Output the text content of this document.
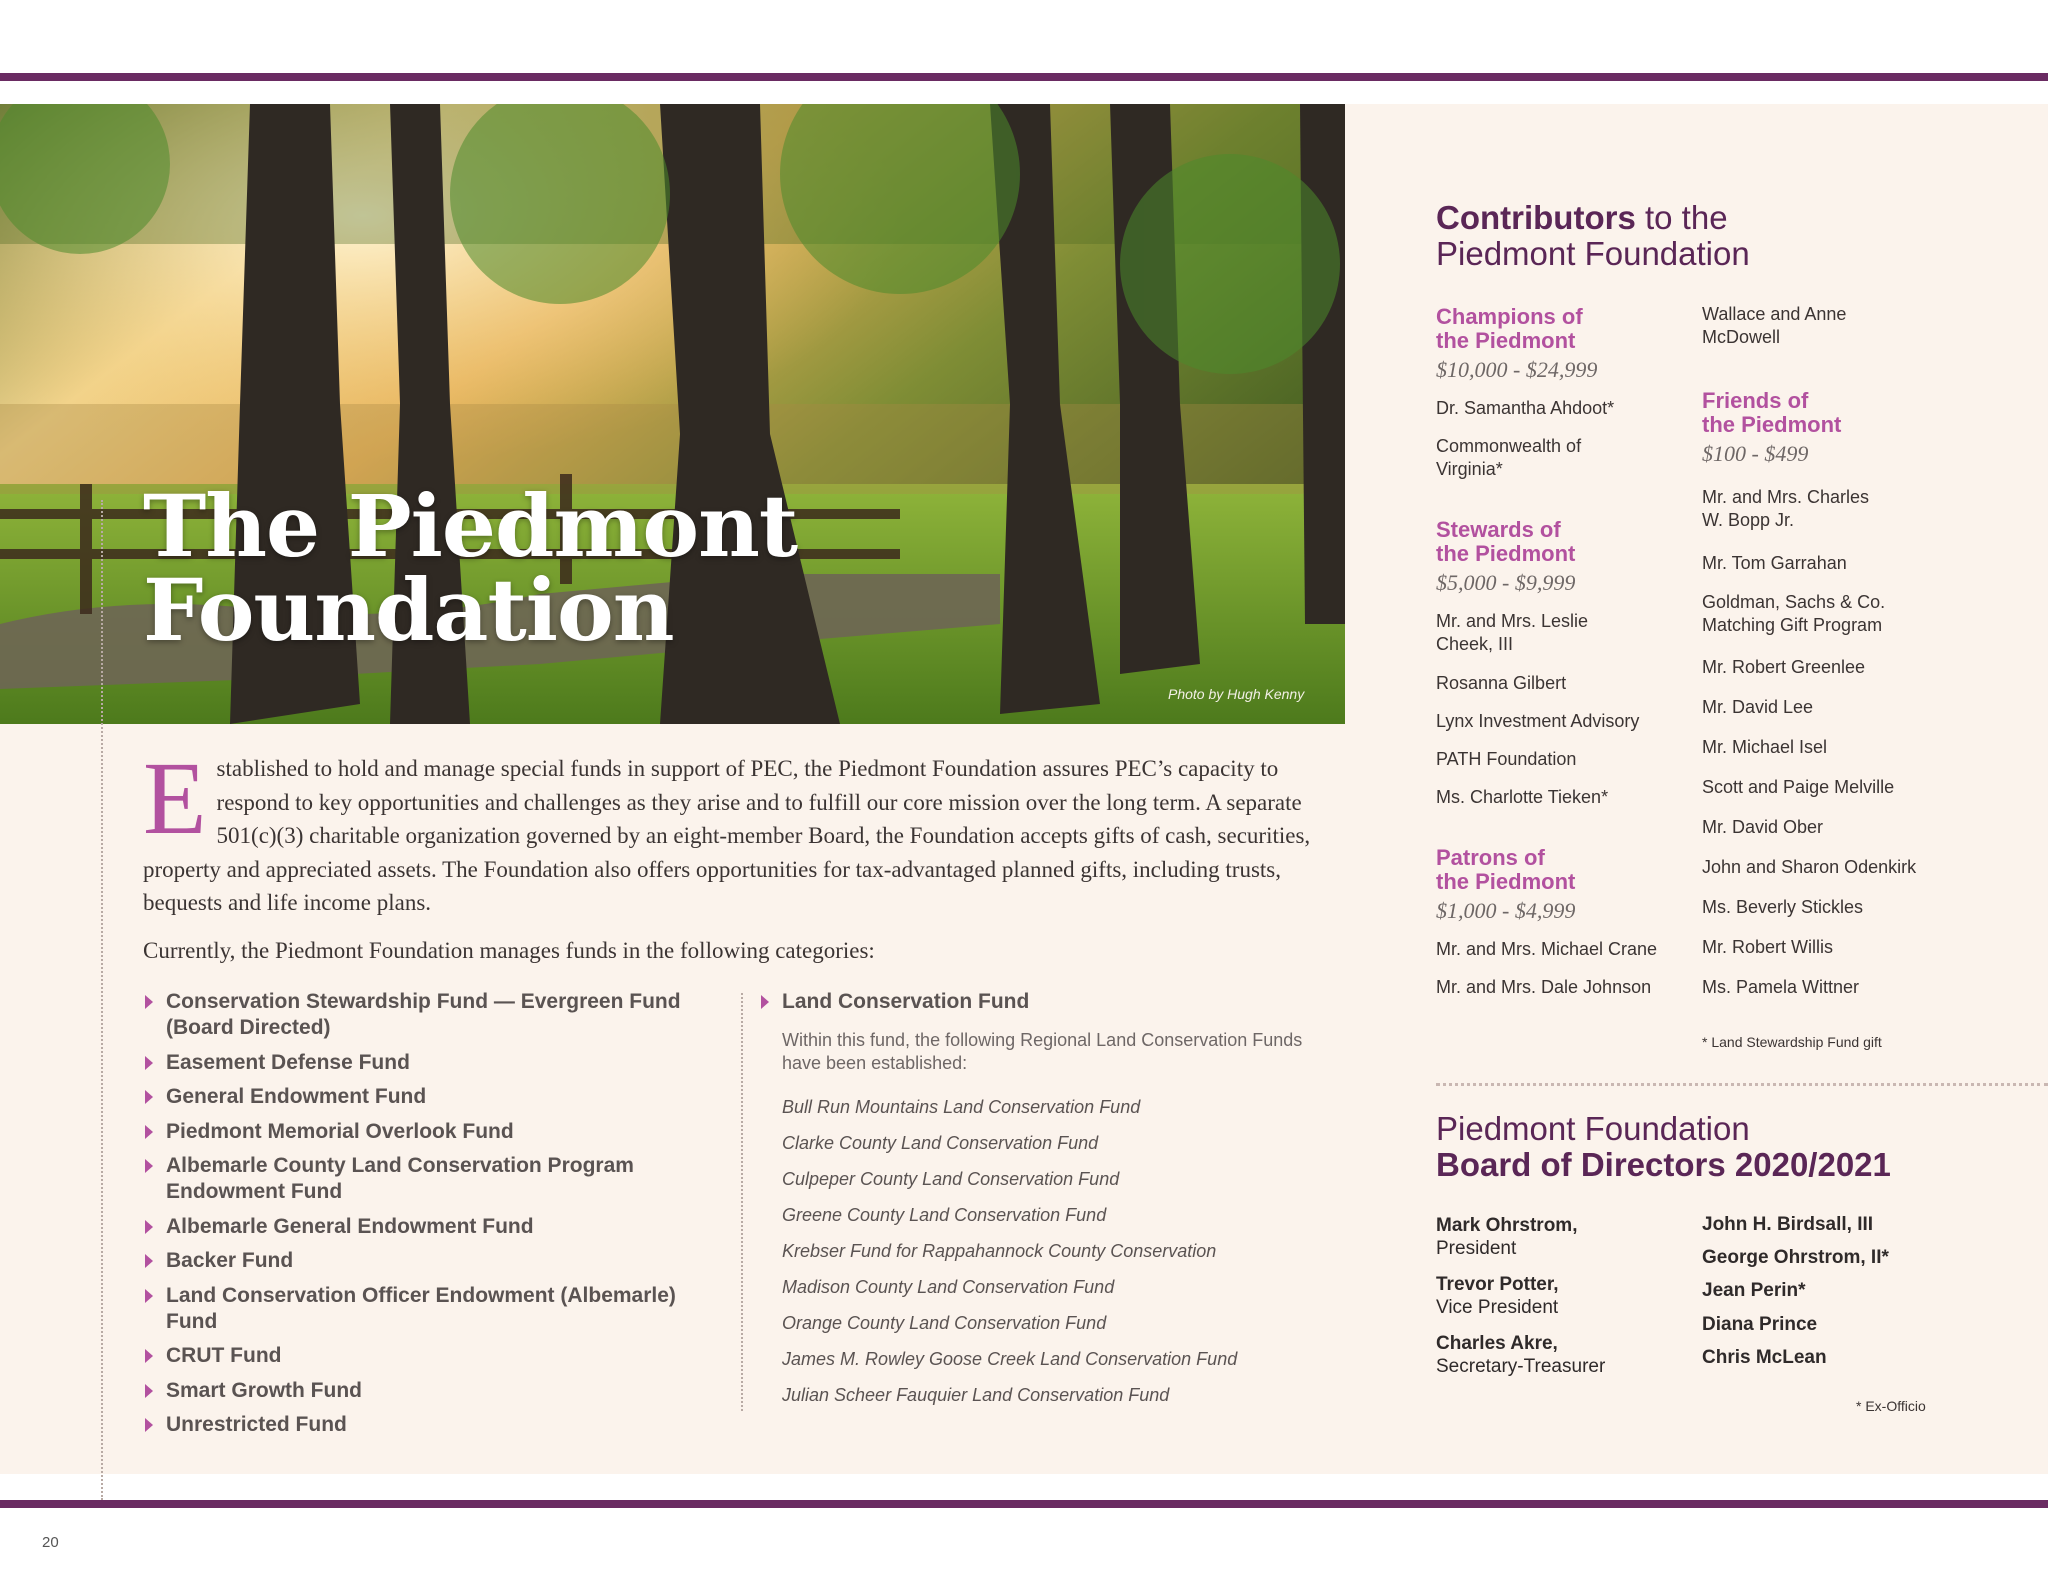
The Piedmont
Foundation
Photo by Hugh Kenny

Established to hold and manage special funds in support of PEC, the Piedmont Foundation assures PEC’s capacity to respond to key opportunities and challenges as they arise and to fulfill our core mission over the long term. A separate 501(c)(3) charitable organization governed by an eight-member Board, the Foundation accepts gifts of cash, securities, property and appreciated assets. The Foundation also offers opportunities for tax-advantaged planned gifts, including trusts, bequests and life income plans.

Currently, the Piedmont Foundation manages funds in the following categories:

Conservation Stewardship Fund — Evergreen Fund (Board Directed)
Easement Defense Fund
General Endowment Fund
Piedmont Memorial Overlook Fund
Albemarle County Land Conservation Program Endowment Fund
Albemarle General Endowment Fund
Backer Fund
Land Conservation Officer Endowment (Albemarle) Fund
CRUT Fund
Smart Growth Fund
Unrestricted Fund
Land Conservation Fund

Within this fund, the following Regional Land Conservation Funds have been established:

Bull Run Mountains Land Conservation Fund
Clarke County Land Conservation Fund
Culpeper County Land Conservation Fund
Greene County Land Conservation Fund
Krebser Fund for Rappahannock County Conservation
Madison County Land Conservation Fund
Orange County Land Conservation Fund
James M. Rowley Goose Creek Land Conservation Fund
Julian Scheer Fauquier Land Conservation Fund
Contributors to the
Piedmont Foundation
Champions of
the Piedmont

$10,000 - $24,999

Dr. Samantha Ahdoot*

Commonwealth of Virginia*

Stewards of
the Piedmont

$5,000 - $9,999

Mr. and Mrs. Leslie Cheek, III

Rosanna Gilbert

Lynx Investment Advisory

PATH Foundation

Ms. Charlotte Tieken*

Patrons of
the Piedmont

$1,000 - $4,999

Mr. and Mrs. Michael Crane

Mr. and Mrs. Dale Johnson

Wallace and Anne McDowell

Friends of
the Piedmont

$100 - $499

Mr. and Mrs. Charles W. Bopp Jr.

Mr. Tom Garrahan

Goldman, Sachs & Co. Matching Gift Program

Mr. Robert Greenlee

Mr. David Lee

Mr. Michael Isel

Scott and Paige Melville

Mr. David Ober

John and Sharon Odenkirk

Ms. Beverly Stickles

Mr. Robert Willis

Ms. Pamela Wittner

* Land Stewardship Fund gift

Piedmont Foundation
Board of Directors 2020/2021

Mark Ohrstrom,
President

Trevor Potter,
Vice President

Charles Akre,
Secretary-Treasurer

John H. Birdsall, III

George Ohrstrom, II*

Jean Perin*

Diana Prince

Chris McLean

* Ex-Officio

20
